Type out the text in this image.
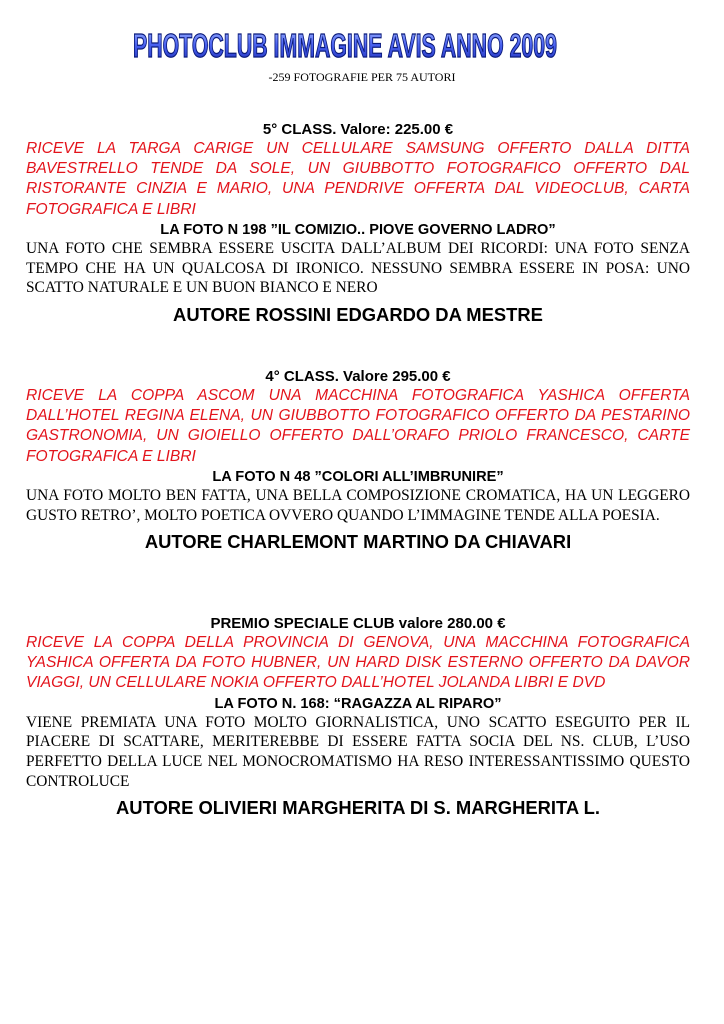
PHOTOCLUB IMMAGINE AVIS ANNO 2009
-259 FOTOGRAFIE PER 75 AUTORI
5° CLASS. Valore: 225.00 €
RICEVE LA TARGA CARIGE UN CELLULARE SAMSUNG OFFERTO DALLA DITTA BAVESTRELLO TENDE DA SOLE, UN GIUBBOTTO FOTOGRAFICO OFFERTO DAL RISTORANTE CINZIA E MARIO, UNA PENDRIVE OFFERTA DAL VIDEOCLUB, CARTA FOTOGRAFICA E LIBRI
LA FOTO N 198 ”IL COMIZIO.. PIOVE GOVERNO LADRO”
UNA FOTO CHE SEMBRA ESSERE USCITA DALL’ALBUM DEI RICORDI: UNA FOTO SENZA TEMPO CHE HA UN QUALCOSA DI IRONICO. NESSUNO SEMBRA ESSERE IN POSA: UNO SCATTO NATURALE E UN BUON BIANCO E NERO
AUTORE ROSSINI EDGARDO DA MESTRE
4° CLASS. Valore 295.00 €
RICEVE LA COPPA ASCOM UNA MACCHINA FOTOGRAFICA YASHICA OFFERTA DALL’HOTEL REGINA ELENA, UN GIUBBOTTO FOTOGRAFICO OFFERTO DA PESTARINO GASTRONOMIA, UN GIOIELLO OFFERTO DALL’ORAFO PRIOLO FRANCESCO, CARTE FOTOGRAFICA E LIBRI
LA FOTO N 48 ”COLORI ALL’IMBRUNIRE”
UNA FOTO MOLTO BEN FATTA, UNA BELLA COMPOSIZIONE CROMATICA, HA UN LEGGERO GUSTO RETRO’, MOLTO POETICA OVVERO QUANDO L’IMMAGINE TENDE ALLA POESIA.
AUTORE CHARLEMONT MARTINO DA CHIAVARI
PREMIO SPECIALE CLUB valore 280.00 €
RICEVE LA COPPA DELLA PROVINCIA DI GENOVA, UNA MACCHINA FOTOGRAFICA YASHICA OFFERTA DA FOTO HUBNER, UN HARD DISK ESTERNO OFFERTO DA DAVOR VIAGGI, UN CELLULARE NOKIA OFFERTO DALL’HOTEL JOLANDA LIBRI E DVD
LA FOTO N. 168: “RAGAZZA AL RIPARO”
VIENE PREMIATA UNA FOTO MOLTO GIORNALISTICA, UNO SCATTO ESEGUITO PER IL PIACERE DI SCATTARE, MERITEREBBE DI ESSERE FATTA SOCIA DEL NS. CLUB, L’USO PERFETTO DELLA LUCE NEL MONOCROMATISMO HA RESO INTERESSANTISSIMO QUESTO CONTROLUCE
AUTORE OLIVIERI MARGHERITA DI S. MARGHERITA L.
